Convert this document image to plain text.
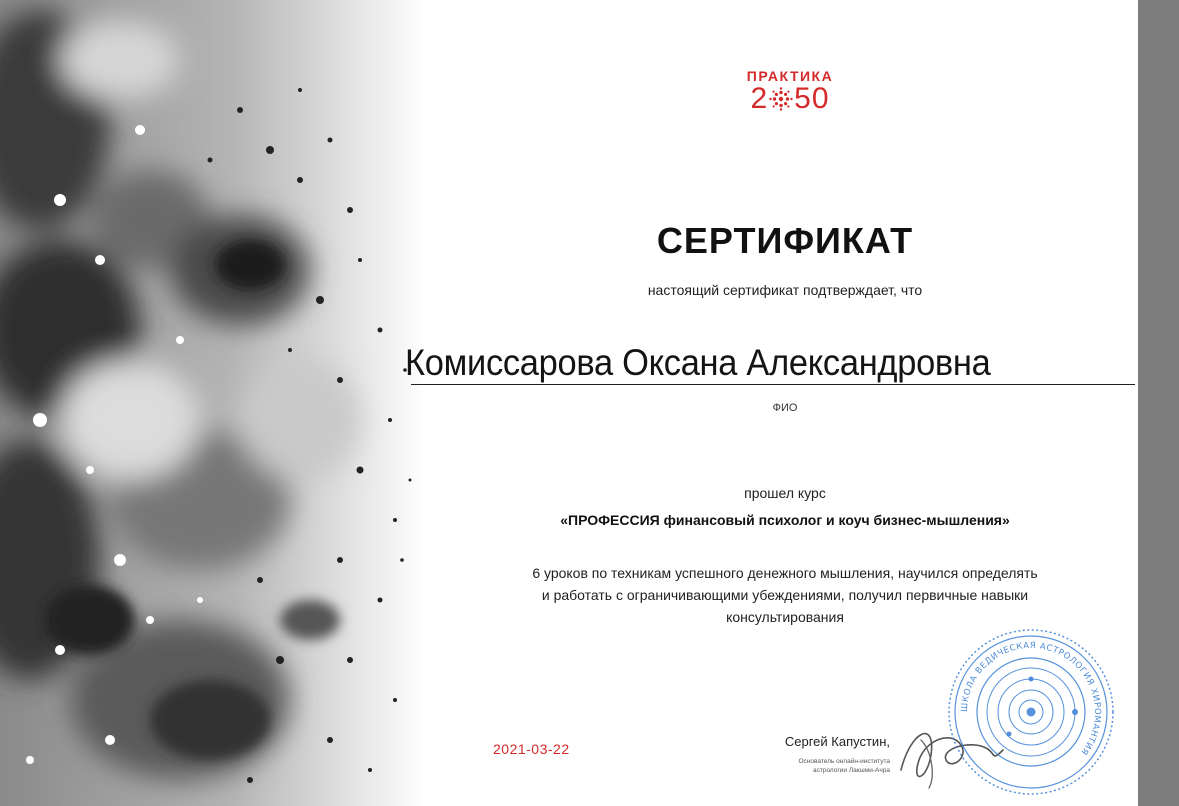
ПРАКТИКА
2 50
СЕРТИФИКАТ
настоящий сертификат подтверждает, что
Комиссарова Оксана Александровна
ФИО
прошел курс
«ПРОФЕССИЯ финансовый психолог и коуч бизнес-мышления»
6 уроков по техникам успешного денежного мышления, научился определять
и работать с ограничивающими убеждениями, получил первичные навыки
консультирования
2021-03-22	Сергей Капустин,
Основатель онлайн-института
астрологии Лакшми-Ачра
ШКОЛА ВЕДИЧЕСКАЯ АСТРОЛОГИЯ ХИРОМАНТИЯ
